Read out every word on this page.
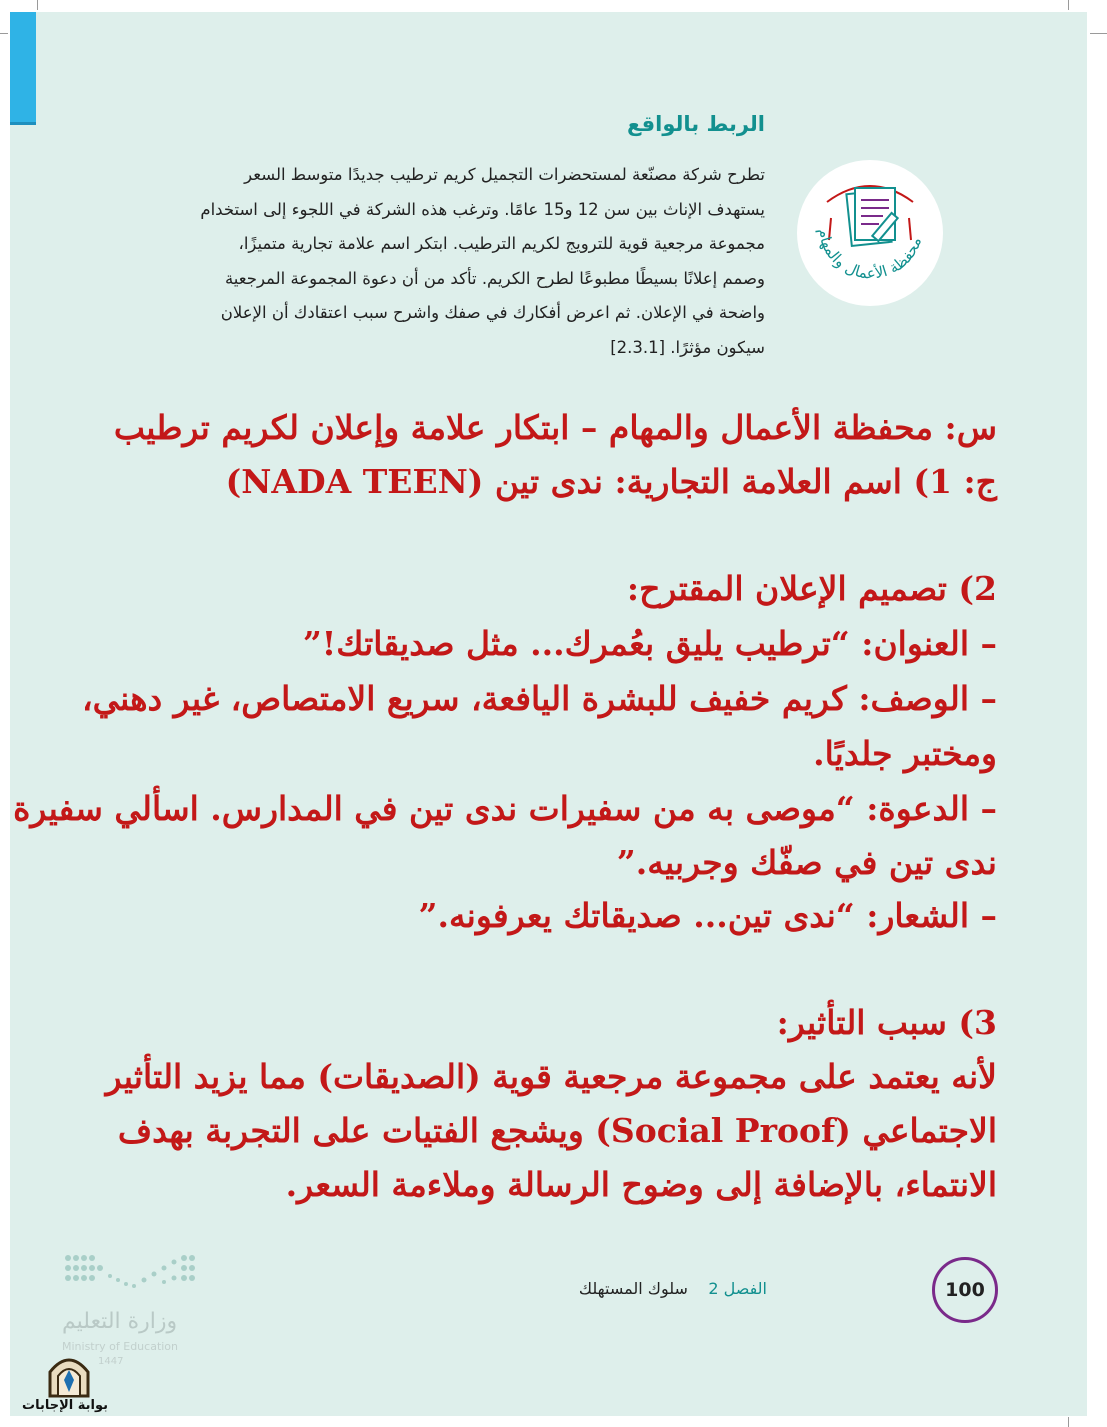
الربط بالواقع
تطرح شركة مصنّعة لمستحضرات التجميل كريم ترطيب جديدًا متوسط السعر
يستهدف الإناث بين سن 12 و15 عامًا. وترغب هذه الشركة في اللجوء إلى استخدام
مجموعة مرجعية قوية للترويج لكريم الترطيب. ابتكر اسم علامة تجارية متميزًا،
وصمم إعلانًا بسيطًا مطبوعًا لطرح الكريم. تأكد من أن دعوة المجموعة المرجعية
واضحة في الإعلان. ثم اعرض أفكارك في صفك واشرح سبب اعتقادك أن الإعلان
سيكون مؤثرًا. [2.3.1]
محفظة الأعمال والمهام
س: محفظة الأعمال والمهام – ابتكار علامة وإعلان لكريم ترطيب
ج: 1) اسم العلامة التجارية: ندى تين (NADA TEEN)
2) تصميم الإعلان المقترح:
– العنوان: “ترطيب يليق بعُمرك... مثل صديقاتك!”
– الوصف: كريم خفيف للبشرة اليافعة، سريع الامتصاص، غير دهني،
ومختبر جلديًا.
– الدعوة: “موصى به من سفيرات ندى تين في المدارس. اسألي سفيرة
ندى تين في صفّك وجربيه.”
– الشعار: “ندى تين... صديقاتك يعرفونه.”
3) سبب التأثير:
لأنه يعتمد على مجموعة مرجعية قوية (الصديقات) مما يزيد التأثير
الاجتماعي (Social Proof) ويشجع الفتيات على التجربة بهدف
الانتماء، بالإضافة إلى وضوح الرسالة وملاءمة السعر.
100
الفصل 2    سلوك المستهلك
وزارة التعليم
Ministry of Education
1447
بوابة الإجابات
